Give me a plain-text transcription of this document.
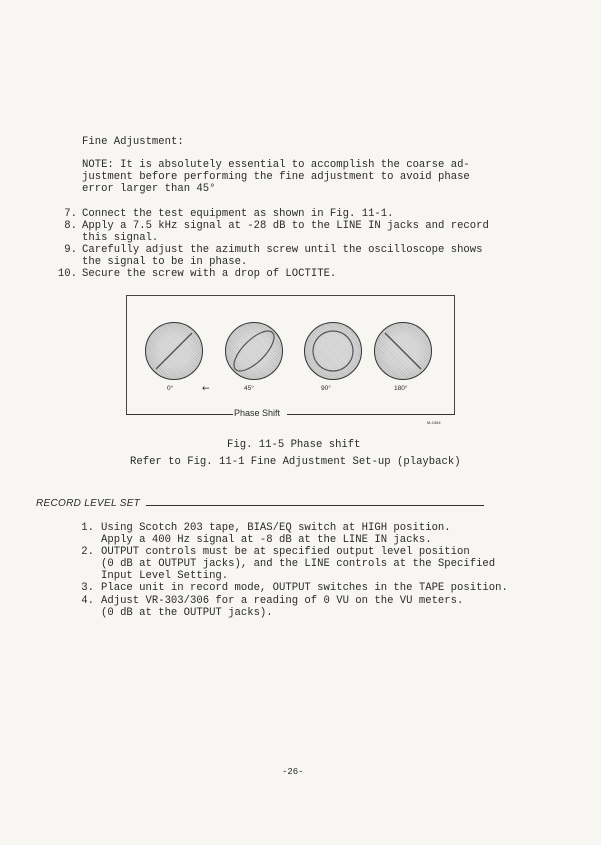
Fine Adjustment:
NOTE: It is absolutely essential to accomplish the coarse ad-
justment before performing the fine adjustment to avoid phase
error larger than 45°
7. Connect the test equipment as shown in Fig. 11-1.
8. Apply a 7.5 kHz signal at -28 dB to the LINE IN jacks and record
this signal.
9. Carefully adjust the azimuth screw until the oscilloscope shows
the signal to be in phase.
10. Secure the screw with a drop of LOCTITE.
0°	←	45°	90°	180°
Phase Shift
M-2454
Fig. 11-5 Phase shift
Refer to Fig. 11-1 Fine Adjustment Set-up (playback)
RECORD LEVEL SET
1. Using Scotch 203 tape, BIAS/EQ switch at HIGH position.
Apply a 400 Hz signal at -8 dB at the LINE IN jacks.
2. OUTPUT controls must be at specified output level position
(0 dB at OUTPUT jacks), and the LINE controls at the Specified
Input Level Setting.
3. Place unit in record mode, OUTPUT switches in the TAPE position.
4. Adjust VR-303/306 for a reading of 0 VU on the VU meters.
(0 dB at the OUTPUT jacks).
-26-
